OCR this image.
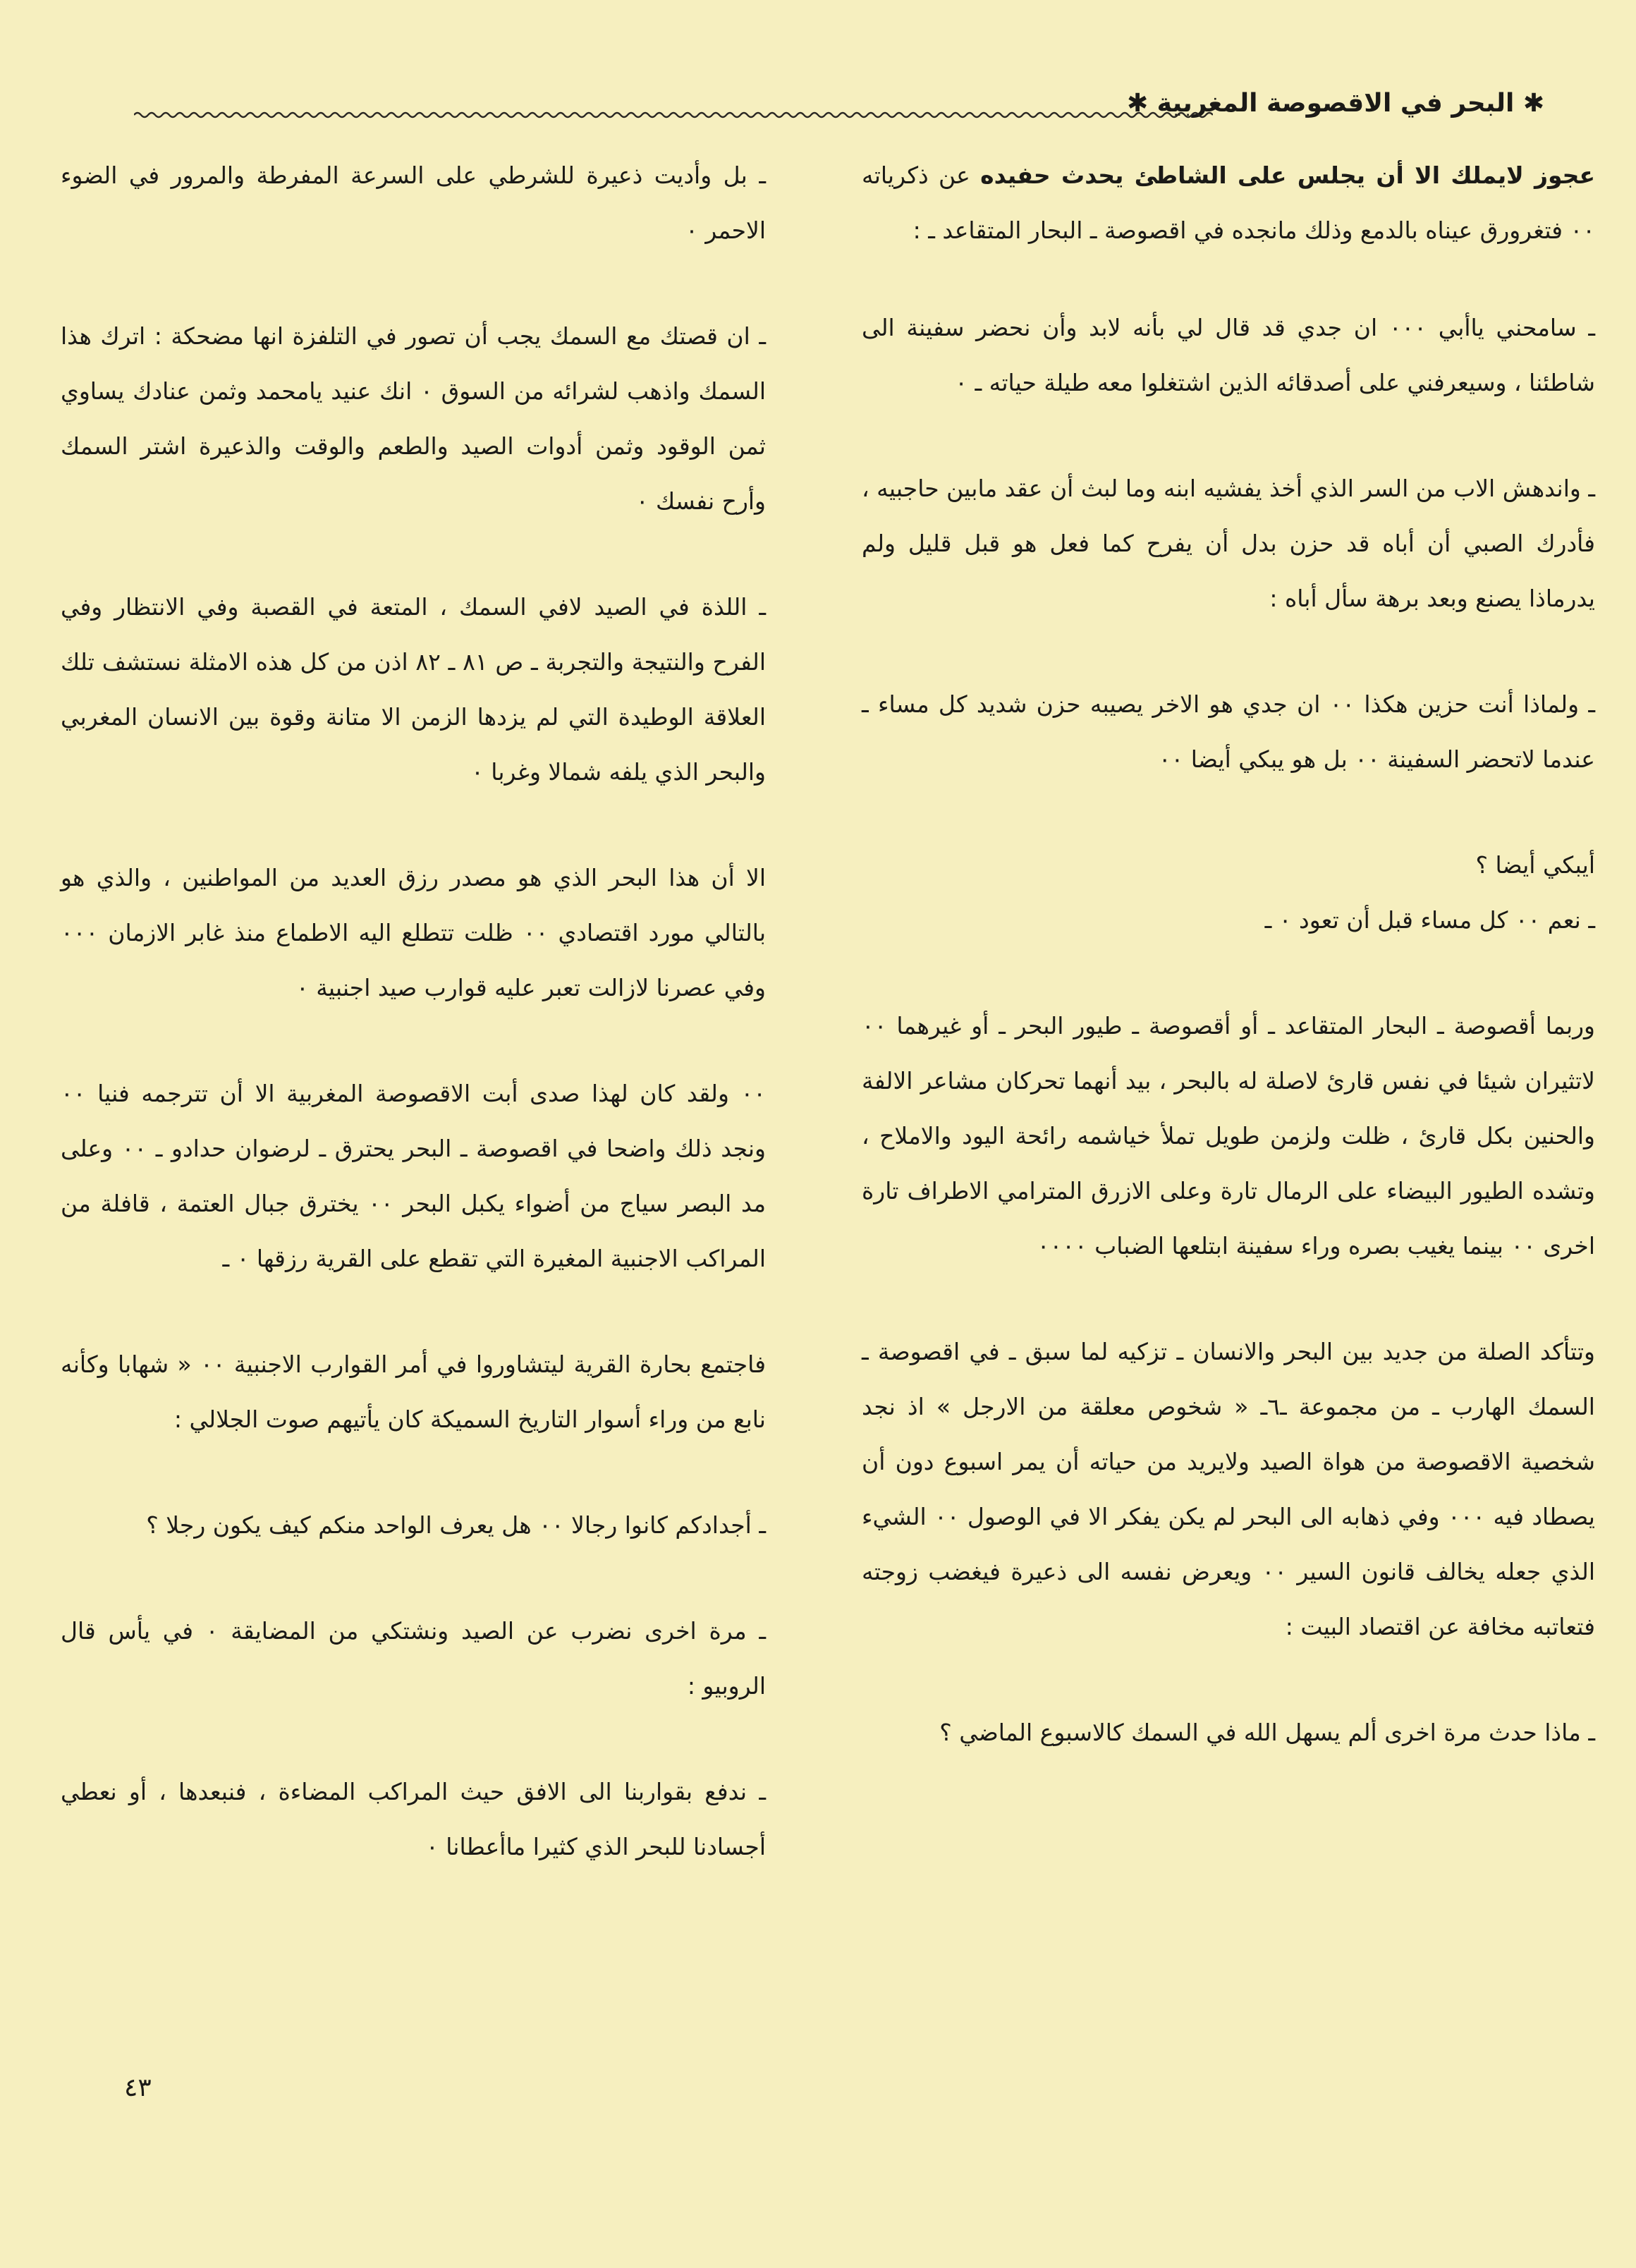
✱ البحر في الاقصوصة المغربية ✱

عجوز لايملك الا أن يجلس على الشاطئ يحدث حفيده عن ذكرياته ٠٠ فتغرورق عيناه بالدمع وذلك مانجده في اقصوصة ـ البحار المتقاعد ـ :

ـ سامحني ياأبي ٠٠٠ ان جدي قد قال لي بأنه لابد وأن نحضر سفينة الى شاطئنا ، وسيعرفني على أصدقائه الذين اشتغلوا معه طيلة حياته ـ ٠

ـ واندهش الاب من السر الذي أخذ يفشيه ابنه وما لبث أن عقد مابين حاجبيه ، فأدرك الصبي أن أباه قد حزن بدل أن يفرح كما فعل هو قبل قليل ولم يدرماذا يصنع وبعد برهة سأل أباه :

ـ ولماذا أنت حزين هكذا ٠٠ ان جدي هو الاخر يصيبه حزن شديد كل مساء ـ عندما لاتحضر السفينة ٠٠ بل هو يبكي أيضا ٠٠

أيبكي أيضا ؟

ـ نعم ٠٠ كل مساء قبل أن تعود ٠ ـ

وربما أقصوصة ـ البحار المتقاعد ـ أو أقصوصة ـ طيور البحر ـ أو غيرهما ٠٠ لاتثيران شيئا في نفس قارئ لاصلة له بالبحر ، بيد أنهما تحركان مشاعر الالفة والحنين بكل قارئ ، ظلت ولزمن طويل تملأ خياشمه رائحة اليود والاملاح ، وتشده الطيور البيضاء على الرمال تارة وعلى الازرق المترامي الاطراف تارة اخرى ٠٠ بينما يغيب بصره وراء سفينة ابتلعها الضباب ٠٠٠٠

وتتأكد الصلة من جديد بين البحر والانسان ـ تزكيه لما سبق ـ في اقصوصة ـ السمك الهارب ـ من مجموعة ـ٦ـ « شخوص معلقة من الارجل » اذ نجد شخصية الاقصوصة من هواة الصيد ولايريد من حياته أن يمر اسبوع دون أن يصطاد فيه ٠٠٠ وفي ذهابه الى البحر لم يكن يفكر الا في الوصول ٠٠ الشيء الذي جعله يخالف قانون السير ٠٠ ويعرض نفسه الى ذعيرة فيغضب زوجته فتعاتبه مخافة عن اقتصاد البيت :

ـ ماذا حدث مرة اخرى ألم يسهل الله في السمك كالاسبوع الماضي ؟

ـ بل وأديت ذعيرة للشرطي على السرعة المفرطة والمرور في الضوء الاحمر ٠

ـ ان قصتك مع السمك يجب أن تصور في التلفزة انها مضحكة : اترك هذا السمك واذهب لشرائه من السوق ٠ انك عنيد يامحمد وثمن عنادك يساوي ثمن الوقود وثمن أدوات الصيد والطعم والوقت والذعيرة اشتر السمك وأرح نفسك ٠

ـ اللذة في الصيد لافي السمك ، المتعة في القصبة وفي الانتظار وفي الفرح والنتيجة والتجربة ـ ص ٨١ ـ ٨٢ اذن من كل هذه الامثلة نستشف تلك العلاقة الوطيدة التي لم يزدها الزمن الا متانة وقوة بين الانسان المغربي والبحر الذي يلفه شمالا وغربا ٠

الا أن هذا البحر الذي هو مصدر رزق العديد من المواطنين ، والذي هو بالتالي مورد اقتصادي ٠٠ ظلت تتطلع اليه الاطماع منذ غابر الازمان ٠٠٠ وفي عصرنا لازالت تعبر عليه قوارب صيد اجنبية ٠

٠٠ ولقد كان لهذا صدى أبت الاقصوصة المغربية الا أن تترجمه فنيا ٠٠ ونجد ذلك واضحا في اقصوصة ـ البحر يحترق ـ لرضوان حدادو ـ ٠٠ وعلى مد البصر سياج من أضواء يكبل البحر ٠٠ يخترق جبال العتمة ، قافلة من المراكب الاجنبية المغيرة التي تقطع على القرية رزقها ٠ ـ

فاجتمع بحارة القرية ليتشاوروا في أمر القوارب الاجنبية ٠٠ « شهابا وكأنه نابع من وراء أسوار التاريخ السميكة كان يأتيهم صوت الجلالي :

ـ أجدادكم كانوا رجالا ٠٠ هل يعرف الواحد منكم كيف يكون رجلا ؟

ـ مرة اخرى نضرب عن الصيد ونشتكي من المضايقة ٠ في يأس قال الروبيو :

ـ ندفع بقواربنا الى الافق حيث المراكب المضاءة ، فنبعدها ، أو نعطي أجسادنا للبحر الذي كثيرا ماأعطانا ٠

٤٣
